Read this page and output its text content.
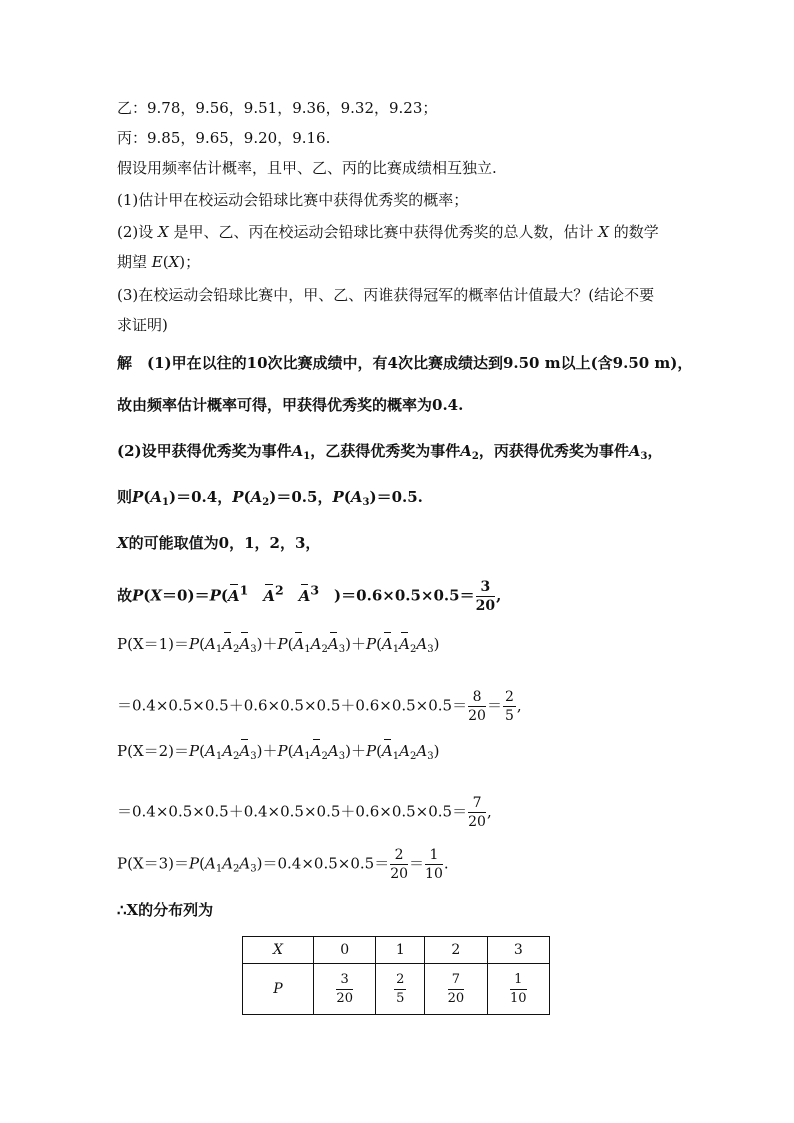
乙：9.78，9.56，9.51，9.36，9.32，9.23；
丙：9.85，9.65，9.20，9.16.
假设用频率估计概率，且甲、乙、丙的比赛成绩相互独立.
(1)估计甲在校运动会铅球比赛中获得优秀奖的概率；
(2)设 X 是甲、乙、丙在校运动会铅球比赛中获得优秀奖的总人数，估计 X 的数学
期望 E(X)；
(3)在校运动会铅球比赛中，甲、乙、丙谁获得冠军的概率估计值最大？(结论不要
求证明)
解　(1)甲在以往的10次比赛成绩中，有4次比赛成绩达到9.50 m以上(含9.50 m)，
故由频率估计概率可得，甲获得优秀奖的概率为0.4.
(2)设甲获得优秀奖为事件$A_1$，乙获得优秀奖为事件$A_2$，丙获得优秀奖为事件$A_3$，
则$P(A_1)=0.4$，$P(A_2)=0.5$，$P(A_3)=0.5$.
X的可能取值为0，1，2，3，
故$P(X=0)=P(A^1$　 $A^2$　 $A^3$　)$=0.6\times 0.5\times 0.5= \frac{3}{20}$ ,
$P(X=1)=P(A_1A_2A_3)+P(A_1A_2A_3)+P(A_1A_2A_3)$
$=0.4\times 0.5\times 0.5+0.6\times 0.5\times 0.5+0.6\times 0.5\times 0.5= \frac{8}{20} = \frac{2}{5}$ ,
$P(X=2)=P(A_1A_2A_3)+P(A_1A_2A_3)+P(A_1A_2A_3)$
$=0.4\times 0.5\times 0.5+0.4\times 0.5\times 0.5+0.6\times 0.5\times 0.5= \frac{7}{20}$ ,
$P(X=3)=P(A_1A_2A_3)=0.4\times 0.5\times 0.5= \frac{2}{20} = \frac{1}{10}$ .
∴X的分布列为
X	0	1	2	3
P	$\frac{3}{20}$	$\frac{2}{5}$	$\frac{7}{20}$	$\frac{1}{10}$
